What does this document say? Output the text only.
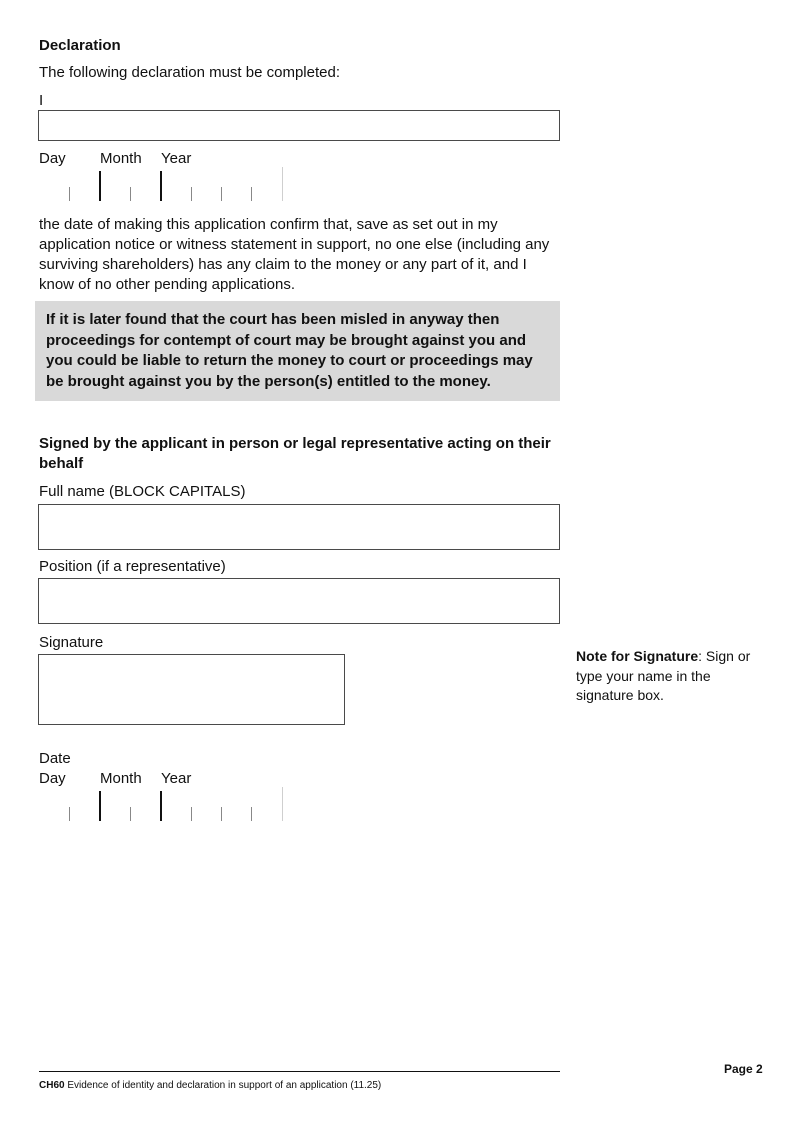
Declaration
The following declaration must be completed:
I
Day Month Year
the date of making this application confirm that, save as set out in my application notice or witness statement in support, no one else (including any surviving shareholders) has any claim to the money or any part of it, and I know of no other pending applications.
If it is later found that the court has been misled in anyway then proceedings for contempt of court may be brought against you and you could be liable to return the money to court or proceedings may be brought against you by the person(s) entitled to the money.
Signed by the applicant in person or legal representative acting on their behalf
Full name (BLOCK CAPITALS)
Position (if a representative)
Signature
Note for Signature: Sign or type your name in the signature box.
Date
Day Month Year
Page 2
CH60 Evidence of identity and declaration in support of an application (11.25)
